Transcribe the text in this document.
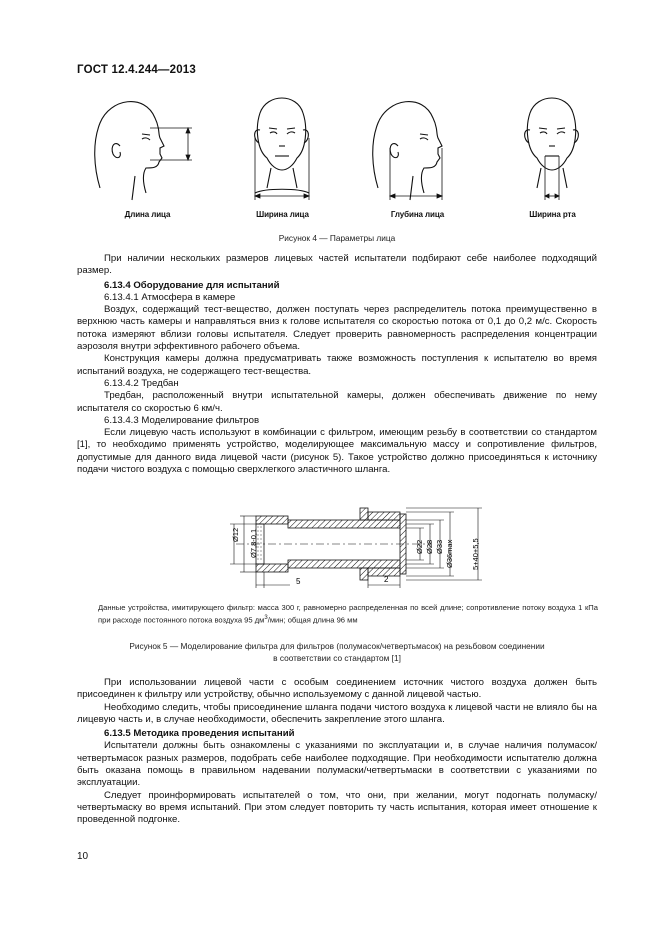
ГОСТ 12.4.244—2013
Длина лица	Ширина лица	Глубина лица	Ширина рта
Рисунок 4 — Параметры лица

При наличии нескольких размеров лицевых частей испытатели подбирают себе наиболее подходящий размер.

6.13.4 Оборудование для испытаний

6.13.4.1 Атмосфера в камере

Воздух, содержащий тест-вещество, должен поступать через распределитель потока преимущественно в верхнюю часть камеры и направляться вниз к голове испытателя со скоростью потока от 0,1 до 0,2 м/с. Скорость потока измеряют вблизи головы испытателя. Следует проверить равномерность распределения концентрации аэрозоля внутри эффективного рабочего объема.

Конструкция камеры должна предусматривать также возможность поступления к испытателю во время испытаний воздуха, не содержащего тест-вещества.

6.13.4.2 Тредбан

Тредбан, расположенный внутри испытательной камеры, должен обеспечивать движение по нему испытателя со скоростью 6 км/ч.

6.13.4.3 Моделирование фильтров

Если лицевую часть используют в комбинации с фильтром, имеющим резьбу в соответствии со стандартом [1], то необходимо применять устройство, моделирующее максимальную массу и сопротивление фильтров, допустимые для данного вида лицевой части (рисунок 5). Такое устройство должно присоединяться к источнику подачи чистого воздуха с помощью сверхлегкого эластичного шланга.

Ø12 Ø7,8-0,1
5	2
Ø22 Ø28 Ø33 Ø36max 5+40+5,5
Данные устройства, имитирующего фильтр: масса 300 г, равномерно распределенная по всей длине; сопротивление потоку воздуха 1 кПа при расходе постоянного потока воздуха 95 $дм^3$/мин; общая длина 96 мм
Рисунок 5 — Моделирование фильтра для фильтров (полумасок/четвертьмасок) на резьбовом соединении
в соответствии со стандартом [1]

При использовании лицевой части с особым соединением источник чистого воздуха должен быть присоединен к фильтру или устройству, обычно используемому с данной лицевой частью.

Необходимо следить, чтобы присоединение шланга подачи чистого воздуха к лицевой части не влияло бы на лицевую часть и, в случае необходимости, обеспечить закрепление этого шланга.

6.13.5 Методика проведения испытаний

Испытатели должны быть ознакомлены с указаниями по эксплуатации и, в случае наличия полумасок/четвертьмасок разных размеров, подобрать себе наиболее подходящие. При необходимости испытателю должна быть оказана помощь в правильном надевании полумаски/четвертьмаски в соответствии с указаниями по эксплуатации.

Следует проинформировать испытателей о том, что они, при желании, могут подогнать полумаску/четвертьмаску во время испытаний. При этом следует повторить ту часть испытания, которая имеет отношение к проведенной подгонке.

10
